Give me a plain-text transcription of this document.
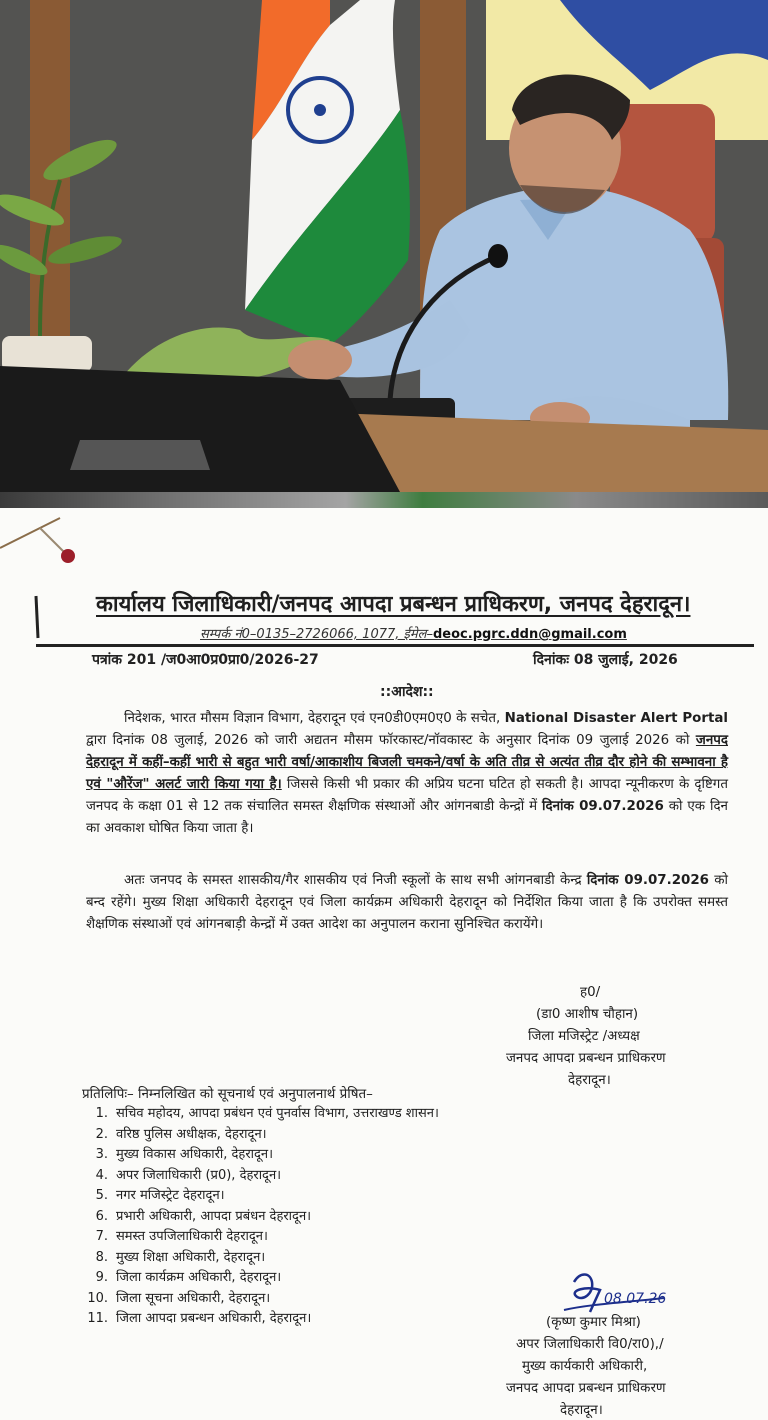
कार्यालय जिलाधिकारी/जनपद आपदा प्रबन्धन प्राधिकरण, जनपद देहरादून।
सम्पर्क नं0–0135–2726066, 1077, ईमेल–deoc.pgrc.ddn@gmail.com
पत्रांक 201 /ज0आ0प्र0प्रा0/2026-27	दिनांकः 08 जुलाई, 2026
::आदेश::
निदेशक, भारत मौसम विज्ञान विभाग, देहरादून एवं एन0डी0एम0ए0 के सचेत, National Disaster Alert Portal द्वारा दिनांक 08 जुलाई, 2026 को जारी अद्यतन मौसम फॉरकास्ट/नॉवकास्ट के अनुसार दिनांक 09 जुलाई 2026 को जनपद देहरादून में कहीं–कहीं भारी से बहुत भारी वर्षा/आकाशीय बिजली चमकने/वर्षा के अति तीव्र से अत्यंत तीव्र दौर होने की सम्भावना है एवं "औरेंज" अलर्ट जारी किया गया है। जिससे किसी भी प्रकार की अप्रिय घटना घटित हो सकती है। आपदा न्यूनीकरण के दृष्टिगत जनपद के कक्षा 01 से 12 तक संचालित समस्त शैक्षणिक संस्थाओं और आंगनबाडी केन्द्रों में दिनांक 09.07.2026 को एक दिन का अवकाश घोषित किया जाता है।
अतः जनपद के समस्त शासकीय/गैर शासकीय एवं निजी स्कूलों के साथ सभी आंगनबाडी केन्द्र दिनांक 09.07.2026 को बन्द रहेंगे। मुख्य शिक्षा अधिकारी देहरादून एवं जिला कार्यक्रम अधिकारी देहरादून को निर्देशित किया जाता है कि उपरोक्त समस्त शैक्षणिक संस्थाओं एवं आंगनबाड़ी केन्द्रों में उक्त आदेश का अनुपालन कराना सुनिश्चित करायेंगे।
ह0/
(डा0 आशीष चौहान)
जिला मजिस्ट्रेट /अध्यक्ष
जनपद आपदा प्रबन्धन प्राधिकरण
देहरादून।
प्रतिलिपिः– निम्नलिखित को सूचनार्थ एवं अनुपालनार्थ प्रेषित–
1. सचिव महोदय, आपदा प्रबंधन एवं पुनर्वास विभाग, उत्तराखण्ड शासन।
2. वरिष्ठ पुलिस अधीक्षक, देहरादून।
3. मुख्य विकास अधिकारी, देहरादून।
4. अपर जिलाधिकारी (प्र0), देहरादून।
5. नगर मजिस्ट्रेट देहरादून।
6. प्रभारी अधिकारी, आपदा प्रबंधन देहरादून।
7. समस्त उपजिलाधिकारी देहरादून।
8. मुख्य शिक्षा अधिकारी, देहरादून।
9. जिला कार्यक्रम अधिकारी, देहरादून।
10. जिला सूचना अधिकारी, देहरादून।
11. जिला आपदा प्रबन्धन अधिकारी, देहरादून।
08.07.26
(कृष्ण कुमार मिश्रा)
अपर जिलाधिकारी वि0/रा0),/
मुख्य कार्यकारी अधिकारी,
जनपद आपदा प्रबन्धन प्राधिकरण
देहरादून।
